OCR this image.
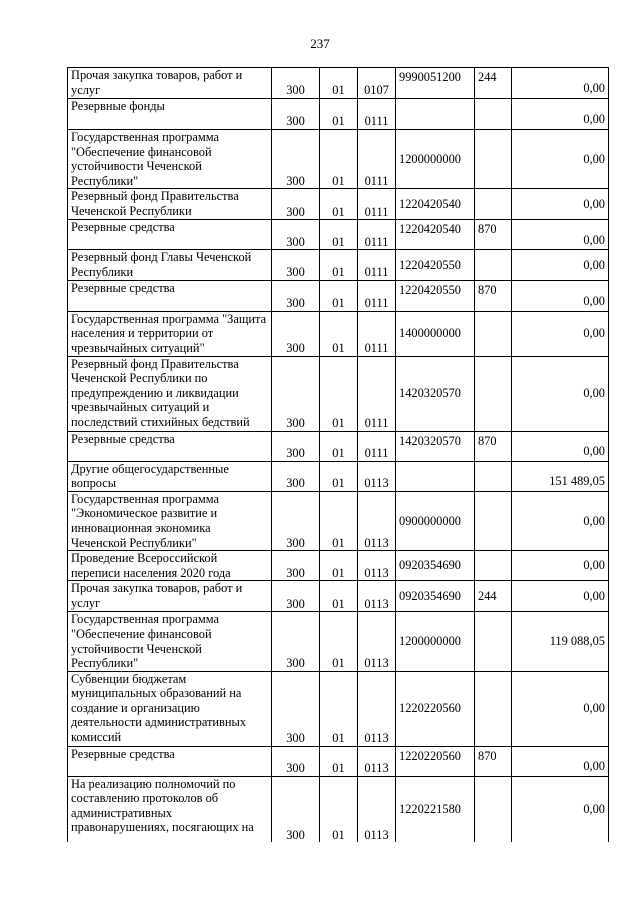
237
Прочая закупка товаров, работ и услуг	300	01	0107	9990051200	244	0,00
Резервные фонды	300	01	0111			0,00
Государственная программа "Обеспечение финансовой устойчивости Чеченской Республики"	300	01	0111	1200000000		0,00
Резервный фонд Правительства Чеченской Республики	300	01	0111	1220420540		0,00
Резервные средства	300	01	0111	1220420540	870	0,00
Резервный фонд Главы Чеченской Республики	300	01	0111	1220420550		0,00
Резервные средства	300	01	0111	1220420550	870	0,00
Государственная программа "Защита населения и территории от чрезвычайных ситуаций"	300	01	0111	1400000000		0,00
Резервный фонд Правительства Чеченской Республики по предупреждению и ликвидации чрезвычайных ситуаций и последствий стихийных бедствий	300	01	0111	1420320570		0,00
Резервные средства	300	01	0111	1420320570	870	0,00
Другие общегосударственные вопросы	300	01	0113			151 489,05
Государственная программа "Экономическое развитие и инновационная экономика Чеченской Республики"	300	01	0113	0900000000		0,00
Проведение Всероссийской переписи населения 2020 года	300	01	0113	0920354690		0,00
Прочая закупка товаров, работ и услуг	300	01	0113	0920354690	244	0,00
Государственная программа "Обеспечение финансовой устойчивости Чеченской Республики"	300	01	0113	1200000000		119 088,05
Субвенции бюджетам муниципальных образований на создание и организацию деятельности административных комиссий	300	01	0113	1220220560		0,00
Резервные средства	300	01	0113	1220220560	870	0,00
На реализацию полномочий по составлению протоколов об административных правонарушениях, посягающих на	300	01	0113	1220221580		0,00
